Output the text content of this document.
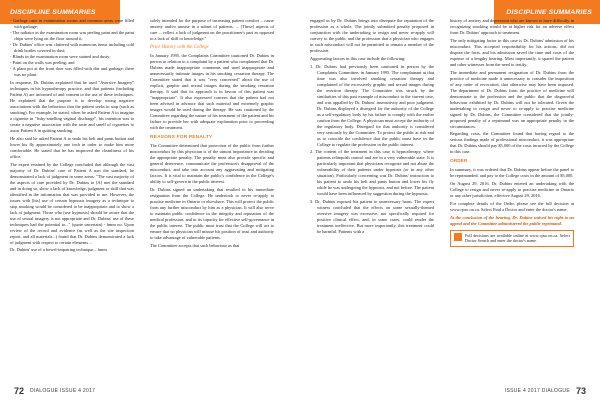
DISCIPLINE SUMMARIES
- Garbage cans in examination rooms and common areas were filled with garbage;
- The radiator in the examination room was peeling paint and the paint chips were lying on the floor around it;
- Dr. Dubins' office was cluttered with numerous items including cold drink bottles covered in dust;
- Blinds in the examination room were stained and dusty;
- Paint on the walls was peeling; and
- A plant pot at the front door was filled with dirt and garbage; there was no plant.

In response, Dr. Dubins explained that he used "Aversive Imagery" techniques in his hypnotherapy practice, and that patients (including Patient A) are informed of and consent to the use of these techniques. He explained that the purpose is to develop strong negative associations with the behaviour that the patient seeks to stop (such as smoking). For example, he stated, when he asked Patient A to imagine a cigarette in "fishy-smelling vaginal discharge", his intention was to create a negative association with the taste and smell of cigarettes to assist Patient A in quitting smoking.

He also said he asked Patient A to undo his belt and pants button and lower his fly approximately one inch in order to make him more comfortable. He stated that he has improved the cleanliness of his office.

The expert retained by the College concluded that although the vast majority of Dr. Dubins' care of Patient A met the standard, he demonstrated a lack of judgment in some areas: "The vast majority of the aspects of care provided by Dr. Dubins to [A] met the standard and in doing so, show a lack of knowledge, judgment or skill that was identified in the information that was provided to me. However, the issues with [his] use of certain hypnosis imagery as a technique to stop smoking would be considered to be inappropriate and to show a lack of judgment. Those who [use hypnosis] should be aware that the use of sexual imagery is not appropriate and Dr. Dubins' use of these techniques had the potential to..." (quote uncertain) - hmm no. Upon review of the record and evidence (as well as the site inspection report, and all materials...) found that Dr. Dubins demonstrated a lack of judgment with respect to certain elements ...

Dr. Dubins' use of a bowel-impairing technique... hmm

solely intended for the purpose of increasing patient comfort – cause anxiety and/or unease in a subset of patients. ... [These] aspects of care ... reflect a lack of judgment on the practitioner's part as opposed to a lack of skill or knowledge."

Prior History with the College

In January 1995, the Complaints Committee cautioned Dr. Dubins in person in relation to a complaint by a patient who complained that Dr. Dubins made inappropriate comments and used inappropriate and unnecessarily intimate images in his smoking cessation therapy. The Committee stated that it was "very concerned" about the use of explicit, graphic and sexual images during the smoking cessation therapy. It said that its approach is in favour of this patient was "inappropriate". It also expressed concern that the patient had not been advised in advance that such material and extremely graphic images would be used during the therapy. He was cautioned by the Committee regarding the nature of his treatment of the patient and his failure to provide her with adequate explanation prior to proceeding with the treatment.

REASONS FOR PENALTY

The Committee determined that protection of the public from further misconduct by this physician is of the utmost importance in deciding the appropriate penalty. The penalty must also provide specific and general deterrence, communicate the profession's disapproval of the misconduct, and take into account any aggravating and mitigating factors. It is vital to maintain the public's confidence in the College's ability to self-govern in the public interest.

Dr. Dubins signed an undertaking that resulted in his immediate resignation from the College. He undertook to never re-apply to practise medicine in Ontario or elsewhere. This will protect the public from any further misconduct by him as a physician. It will also serve to maintain public confidence in the integrity and reputation of the medical profession, and in its capacity for effective self-governance in the public interest. The public must trust that the College will act to ensure that no physician will misuse his position of trust and authority to take advantage of vulnerable patients.

The Committee accepts that such behaviour as that

72 DIALOGUE ISSUE 4 2017
DISCIPLINE SUMMARIES

engaged in by Dr. Dubins brings into disrepute the reputation of the profession as a whole. The jointly submitted penalty proposed in conjunction with the undertaking to resign and never re-apply will convey to the public and the profession that a physician who engages in such misconduct will not be permitted to remain a member of the profession.

Aggravating factors in this case include the following:

1. Dr. Dubins had previously been cautioned in person by the Complaints Committee, in January 1995. The complainant at that time was also involved smoking cessation therapy and complained of the excessively graphic and sexual images during the aversion therapy. The Committee was struck by the similarities of this past example of misconduct to the current case, and was appalled by Dr. Dubins' insensitivity and poor judgment. Dr. Dubins displayed a disregard for the authority of the College as a self-regulatory body by his failure to comply with the earlier caution from the College. A physician must accept the authority of the regulatory body. Disregard for that authority is considered very seriously by the Committee. To protect the public at risk and as to coincide the confidence that the public must have in the College to regulate the profession in the public interest.

2. The content of the treatment in this case is hypnotherapy, where patients relinquish control and are in a very vulnerable state. It is particularly important that physicians recognize and not abuse the vulnerability of their patients under hypnosis (or in any other situation). Particularly concerning was Dr. Dubins' instruction to his patient to undo his belt and pants button and lower his fly while he was undergoing the hypnosis, and not before. The patient would have been influenced by suggestion during the hypnosis.

3. Dr. Dubins exposed his patient to unnecessary harm. The expert witness concluded that the effects on some sexually-themed aversive imagery was excessive, not specifically required for positive clinical effect, and, in some cases, could render the treatment ineffective. But more importantly, this treatment could be harmful. Patients with a

history of anxiety and depression who are known to have difficulty in recognizing smoking would be at higher risk for an adverse effect from Dr. Dubins' approach to treatment.

The only mitigating factor in this case is Dr. Dubins' admission of his misconduct. This accepted responsibility for his actions, did not dispute the facts, and his admission saved the time and costs of the expense of a lengthy hearing. Most importantly, it spared the patient and other witnesses from the need to testify.

The immediate and permanent resignation of Dr. Dubins from the practice of medicine made it unnecessary to consider the imposition of any order of revocation, that otherwise may have been imposed. The department of Dr. Dubins from the practice of medicine will demonstrate to the profession and the public that the disgraceful behaviour exhibited by Dr. Dubins will not be tolerated. Given the undertaking to resign and never to re-apply to practise medicine signed by Dr. Dubins, the Committee considered that the jointly-proposed penalty of a reprimand was an appropriate penalty in the circumstances.

Regarding costs, the Committee found that having regard to the serious findings made of professional misconduct, it was appropriate that Dr. Dubins should pay $5,000 of the costs incurred by the College in this case.

ORDER

In summary, it was ordered that Dr. Dubins appear before the panel to be reprimanded; and pay to the College costs in the amount of $5,000.

On August 29, 2016, Dr. Dubins entered an undertaking with the College to resign and never re-apply to practise medicine in Ontario or any other jurisdiction, effective August 29, 2016.

For complete details of the Order, please see the full decision at www.cpso.on.ca. Select Find a Doctor and enter the doctor's name.

At the conclusion of the hearing, Dr. Dubins waived his right to an appeal and the Committee administered the public reprimand.

Full decisions are available online at www.cpso.on.ca. Select Doctor Search and enter the doctor's name.
ISSUE 4 2017 DIALOGUE 73
